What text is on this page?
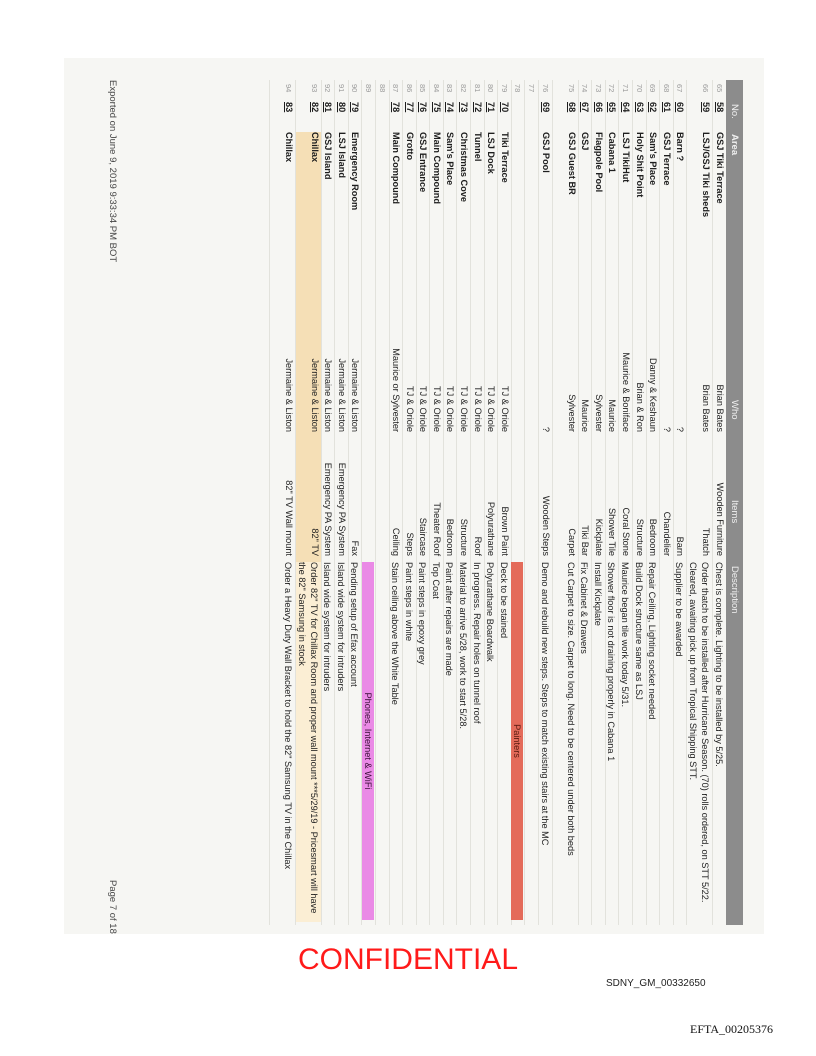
No.
Area
Who
Items
Description
65
58
GSJ Tiki Terrace
Brian Bates
Wooden Furniture
Chest is complete. Lighting to be installed by 5/25.
66
59
LSJ/GSJ Tiki sheds
Brian Bates
Thatch
Order thatch to be installed after Hurricane Season. (70) rolls ordered, on STT 5/22. Cleared, awaiting pick up from Tropical Shipping STT.
67
60
Barn ?
?
Barn
Supplier to be awarded
68
61
GSJ Terrace
?
Chandelier
69
62
Sam's Place
Danny & Keshaun
Bedroom
Repair Ceiling, Lighting socket needed
70
63
Holy Shit Point
Brian & Ron
Structure
Build Dock structure same as LSJ
71
64
LSJ TikiHut
Maurice & Boniface
Coral Stone
Maurice began tile work today 5/31.
72
65
Cabana 1
Maurice
Shower Tile
Shower floor is not draining properly in Cabana 1
73
66
Flagpole Pool
Sylvester
Kickplate
Install Kickplate
74
67
GSJ
Maurice
Tiki Bar
Fix Cabinet & Drawers
75
68
GSJ Guest BR
Sylvester
Carpet
Cut Carpet to size. Carpet to long. Need to be centered under both beds
76
69
GSJ Pool
?
Wooden Steps
Demo and rebuild new steps. Steps to match existing stairs at the MC
77
78
Painters
79
70
Tiki Terrace
TJ & Oriole
Brown Paint
Deck to be stained
80
71
LSJ Dock
TJ & Oriole
Polyurathane
Polyurathane Boardwalk
81
72
Tunnel
TJ & Oriole
Roof
In progress. Repair holes on tunnel roof
82
73
Christmas Cove
TJ & Oriole
Structure
Material to arrive 5/28, work to start 5/28.
83
74
Sam's Place
TJ & Oriole
Bedroom
Paint after repairs are made
84
75
Main Compound
TJ & Oriole
Theater Roof
Top Coat
85
76
GSJ Entrance
TJ & Oriole
Staircase
Paint steps in epoxy grey
86
77
Grotto
TJ & Oriole
Steps
Paint steps in white
87
78
Main Compound
Maurice or Sylvester
Ceiling
Stain ceiling above the White Table
88
89
Phones, Internet & WiFi
90
79
Emergency Room
Jermaine & Liston
Fax
Pending setup of Efax account
91
80
LSJ Island
Jermaine & Liston
Emergency PA System
Island wide system for intruders
92
81
GSJ Island
Jermaine & Liston
Emergency PA System
Island wide system for intruders
93
82
Chillax
Jermaine & Liston
82" TV
Order 82" TV for Chillax Room and proper wall mount ***5/29/19 - Pricesmart will have the 82" Samsung in stock
94
83
Chillax
Jermaine & Liston
82" TV Wall mount
Order a Heavy Duty Wall Bracket to hold the 82" Samsung TV in the Chillax
Exported on June 9, 2019 9:33:34 PM BOT
Page 7 of 18
CONFIDENTIAL
SDNY_GM_00332650
EFTA_00205376
